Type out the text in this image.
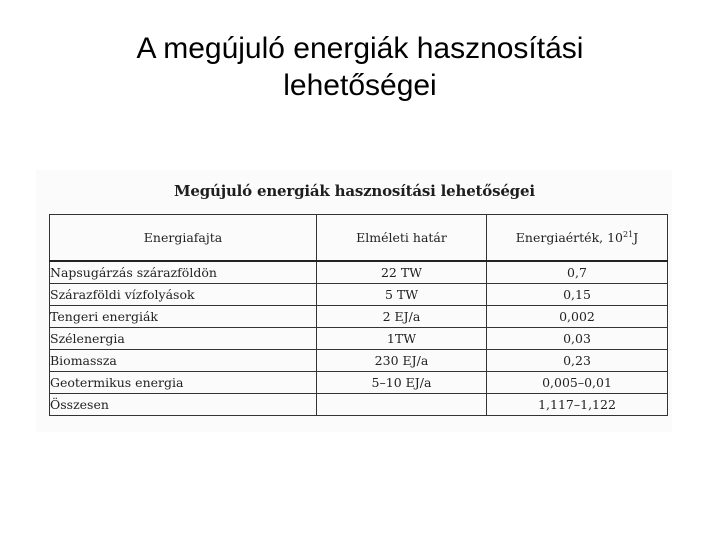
A megújuló energiák hasznosítási
lehetőségei
Megújuló energiák hasznosítási lehetőségei
Energiafajta	Elméleti határ	Energiaérték, $10^{21}J$
Napsugárzás szárazföldön	22 TW	0,7
Szárazföldi vízfolyások	5 TW	0,15
Tengeri energiák	2 EJ/a	0,002
Szélenergia	1TW	0,03
Biomassza	230 EJ/a	0,23
Geotermikus energia	5–10 EJ/a	0,005–0,01
Összesen		1,117–1,122
